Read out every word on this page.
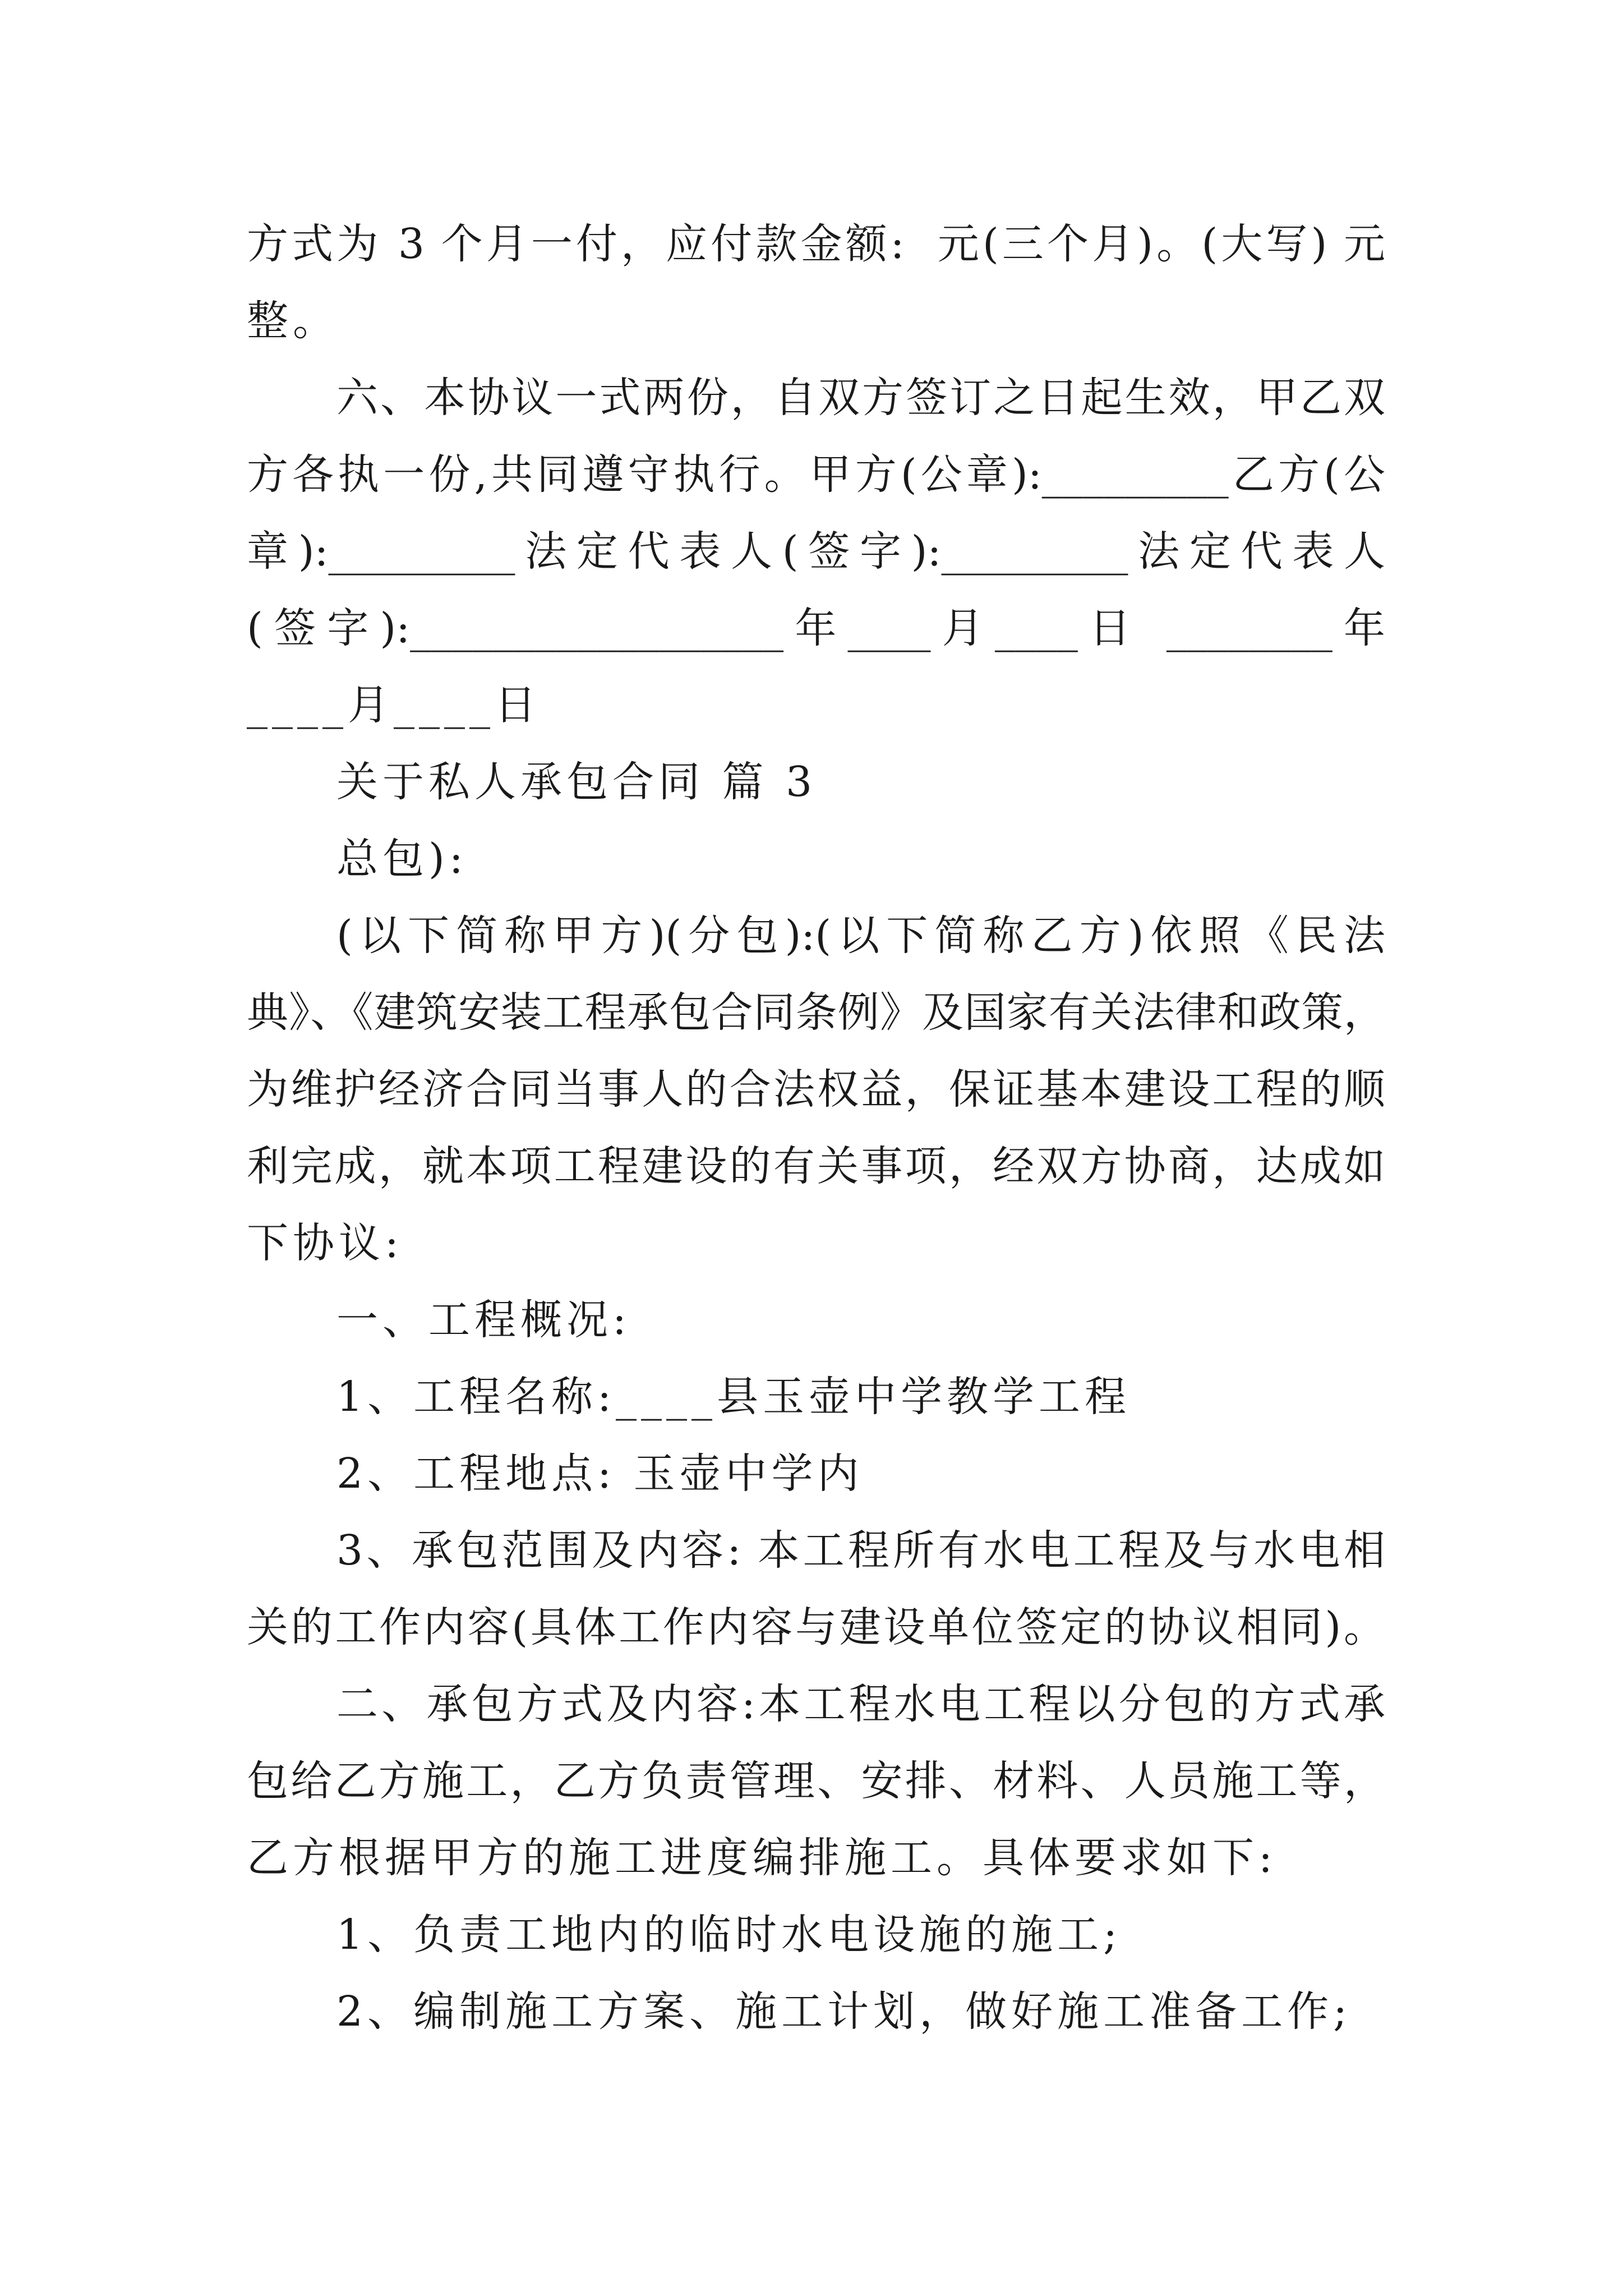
方式为 3 个月一付，应付款金额:  元(三个月)。(大写) 元
整。
六、本协议一式两份，自双方签订之日起生效，甲乙双
方各执一份,共同遵守执行。甲方(公章):_________乙方(公
章):_________法定代表人(签字):_________法定代表人
(签字):__________________年____月____日 ________年
____月____日
关于私人承包合同 篇 3
总包):
(以下简称甲方)(分包):(以下简称乙方)依照《民法
典》、《建筑安装工程承包合同条例》及国家有关法律和政策，
为维护经济合同当事人的合法权益，保证基本建设工程的顺
利完成，就本项工程建设的有关事项，经双方协商，达成如
下协议:
一、工程概况:
1、工程名称:____县玉壶中学教学工程
2、工程地点: 玉壶中学内
3、承包范围及内容: 本工程所有水电工程及与水电相
关的工作内容(具体工作内容与建设单位签定的协议相同)。
二、承包方式及内容:本工程水电工程以分包的方式承
包给乙方施工，乙方负责管理、安排、材料、人员施工等，
乙方根据甲方的施工进度编排施工。具体要求如下:
1、负责工地内的临时水电设施的施工;
2、编制施工方案、施工计划，做好施工准备工作;
